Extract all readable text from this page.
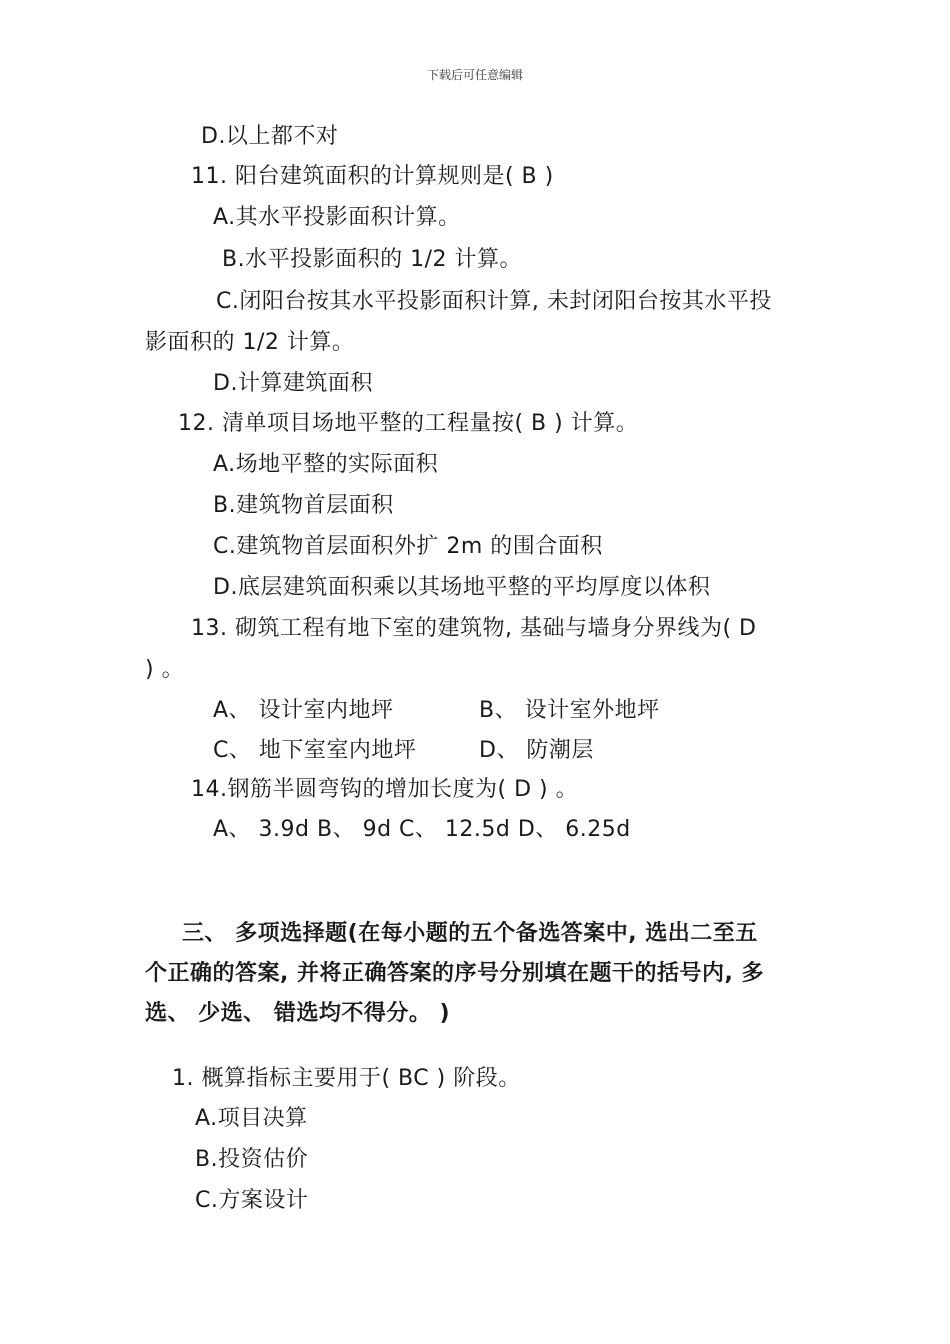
下载后可任意编辑
D.以上都不对
11. 阳台建筑面积的计算规则是( B )
A.其水平投影面积计算。
B.水平投影面积的 1/2 计算。
C.闭阳台按其水平投影面积计算, 未封闭阳台按其水平投
影面积的 1/2 计算。
D.计算建筑面积
12. 清单项目场地平整的工程量按( B ) 计算。
A.场地平整的实际面积
B.建筑物首层面积
C.建筑物首层面积外扩 2m 的围合面积
D.底层建筑面积乘以其场地平整的平均厚度以体积
13. 砌筑工程有地下室的建筑物, 基础与墙身分界线为( D
) 。
A、 设计室内地坪	B、 设计室外地坪
C、 地下室室内地坪	D、 防潮层
14.钢筋半圆弯钩的增加长度为( D ) 。
A、 3.9d B、 9d C、 12.5d D、 6.25d
三、 多项选择题(在每小题的五个备选答案中, 选出二至五
个正确的答案, 并将正确答案的序号分别填在题干的括号内, 多
选、 少选、 错选均不得分。 )
1. 概算指标主要用于( BC ) 阶段。
A.项目决算
B.投资估价
C.方案设计
